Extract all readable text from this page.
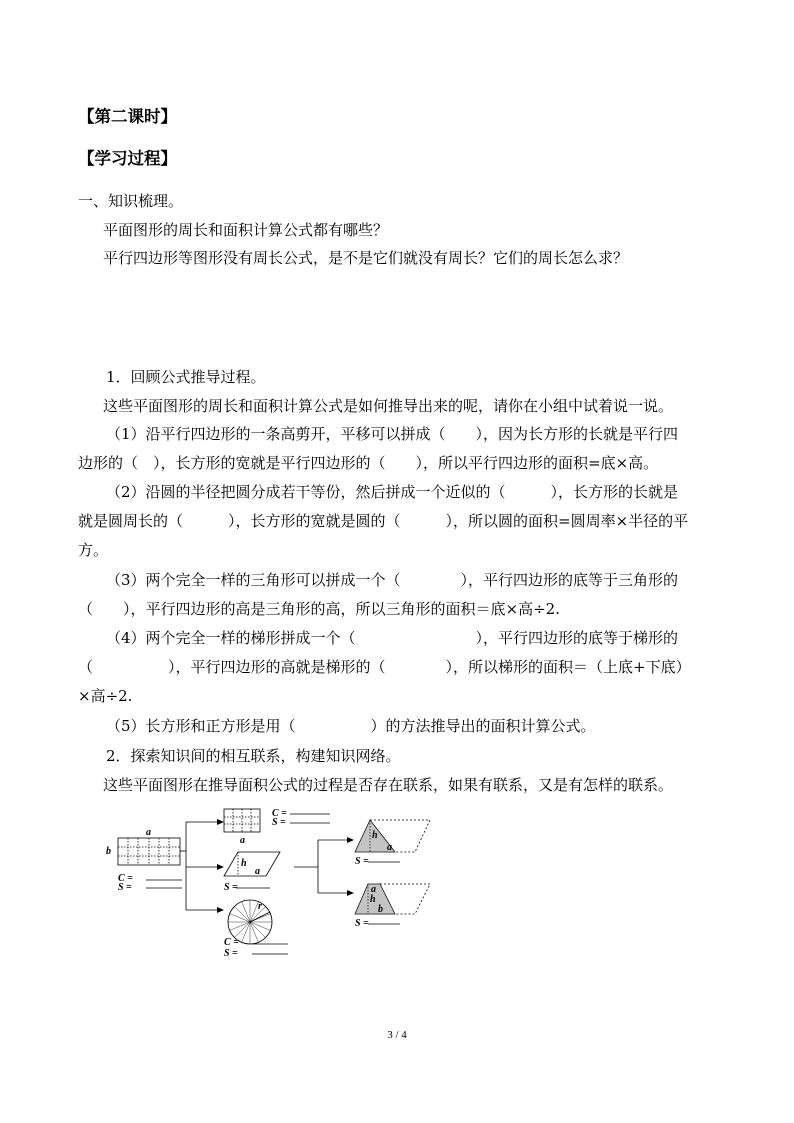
【第二课时】
【学习过程】
一、知识梳理。
平面图形的周长和面积计算公式都有哪些？
平行四边形等图形没有周长公式，是不是它们就没有周长？它们的周长怎么求？
1．回顾公式推导过程。
这些平面图形的周长和面积计算公式是如何推导出来的呢，请你在小组中试着说一说。
（1）沿平行四边形的一条高剪开，平移可以拼成（　　），因为长方形的长就是平行四
边形的（　），长方形的宽就是平行四边形的（　　），所以平行四边形的面积=底×高。
（2）沿圆的半径把圆分成若干等份，然后拼成一个近似的（　　　），长方形的长就是
就是圆周长的（　　　），长方形的宽就是圆的（　　　），所以圆的面积=圆周率×半径的平
方。
（3）两个完全一样的三角形可以拼成一个（　　　　），平行四边形的底等于三角形的
（　　），平行四边形的高是三角形的高，所以三角形的面积＝底×高÷2.
（4）两个完全一样的梯形拼成一个（　　　　　　　　），平行四边形的底等于梯形的
（　　　　　），平行四边形的高就是梯形的（　　　　），所以梯形的面积＝（上底+下底）
×高÷2.
（5）长方形和正方形是用（　　　　　）的方法推导出的面积计算公式。
2．探索知识间的相互联系，构建知识网络。
这些平面图形在推导面积公式的过程是否存在联系，如果有联系，又是有怎样的联系。
a
b
C =
S =
a
C =
S =
h
a
S =
r
C =
S =
h
a
S =
a
h
b
S =
3 / 4
